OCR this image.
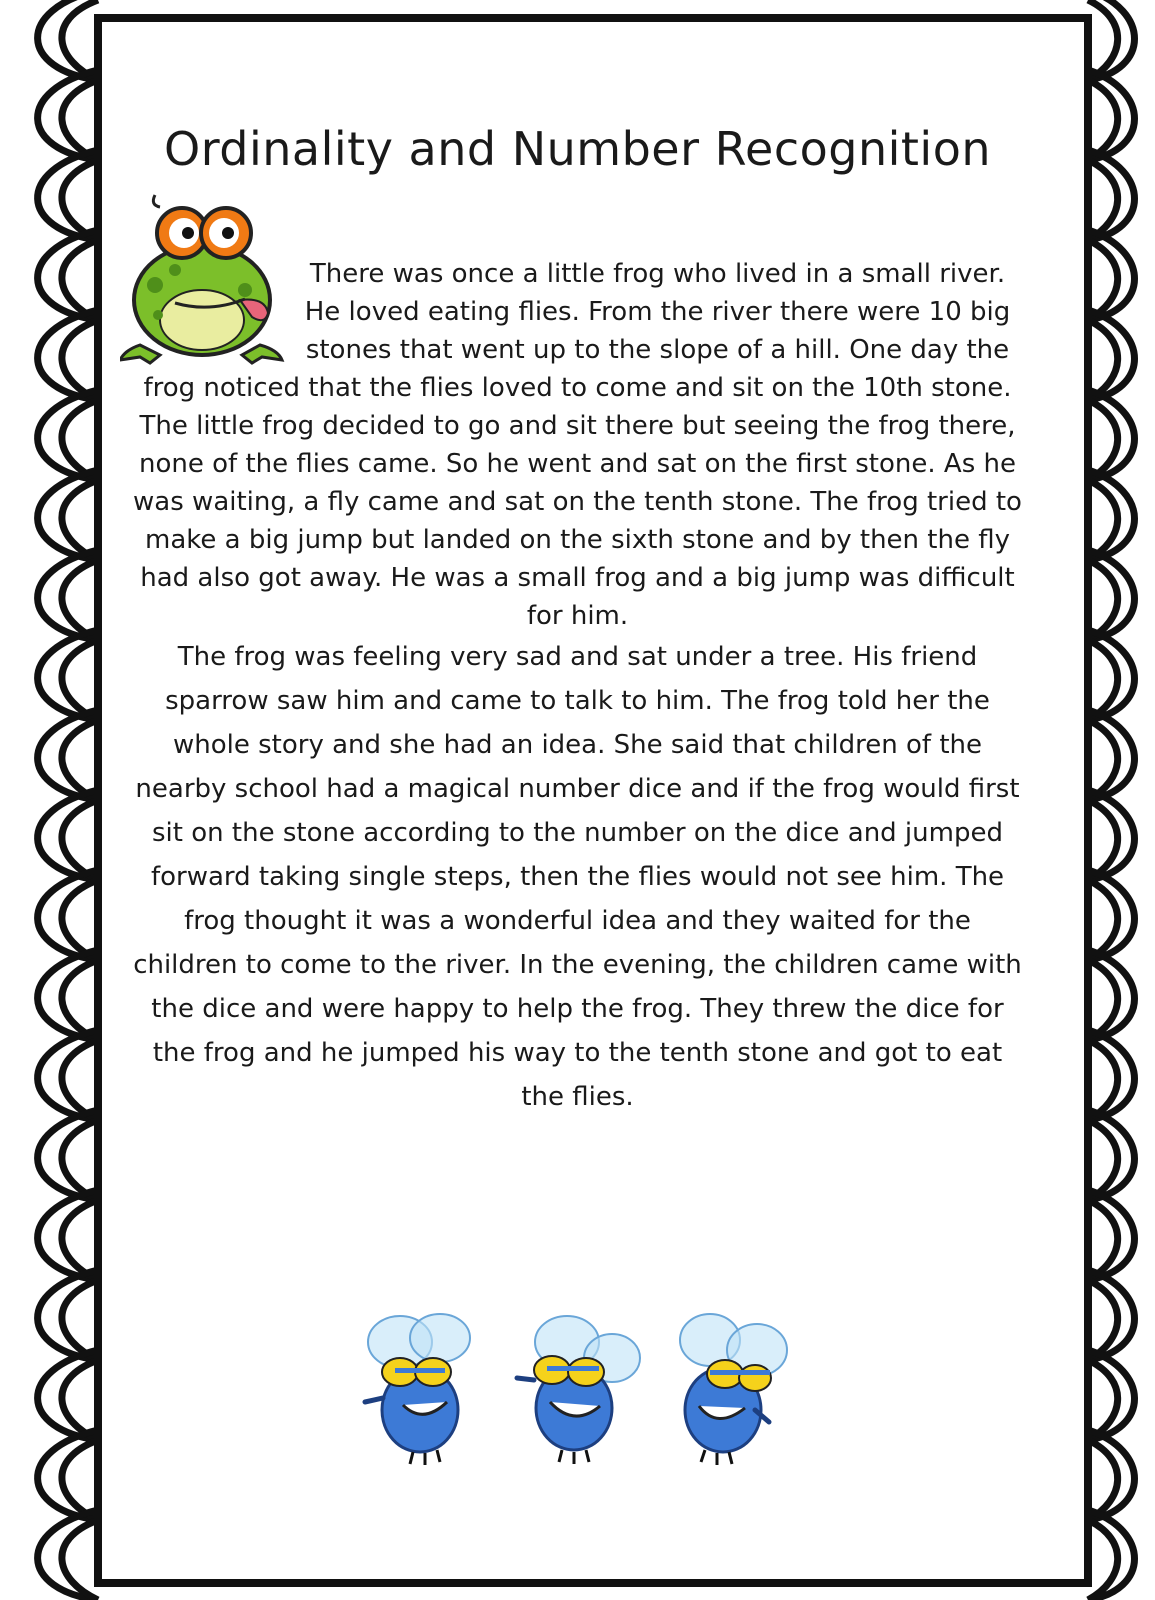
Ordinality and Number Recognition

There was once a little frog who lived in a small river. He loved eating flies. From the river there were 10 big stones that went up to the slope of a hill. One day the frog noticed that the flies loved to come and sit on the 10th stone. The little frog decided to go and sit there but seeing the frog there, none of the flies came. So he went and sat on the first stone. As he was waiting, a fly came and sat on the tenth stone. The frog tried to make a big jump but landed on the sixth stone and by then the fly had also got away. He was a small frog and a big jump was difficult for him.

The frog was feeling very sad and sat under a tree. His friend sparrow saw him and came to talk to him. The frog told her the whole story and she had an idea. She said that children of the nearby school had a magical number dice and if the frog would first sit on the stone according to the number on the dice and jumped forward taking single steps, then the flies would not see him. The frog thought it was a wonderful idea and they waited for the children to come to the river. In the evening, the children came with the dice and were happy to help the frog. They threw the dice for the frog and he jumped his way to the tenth stone and got to eat the flies.
